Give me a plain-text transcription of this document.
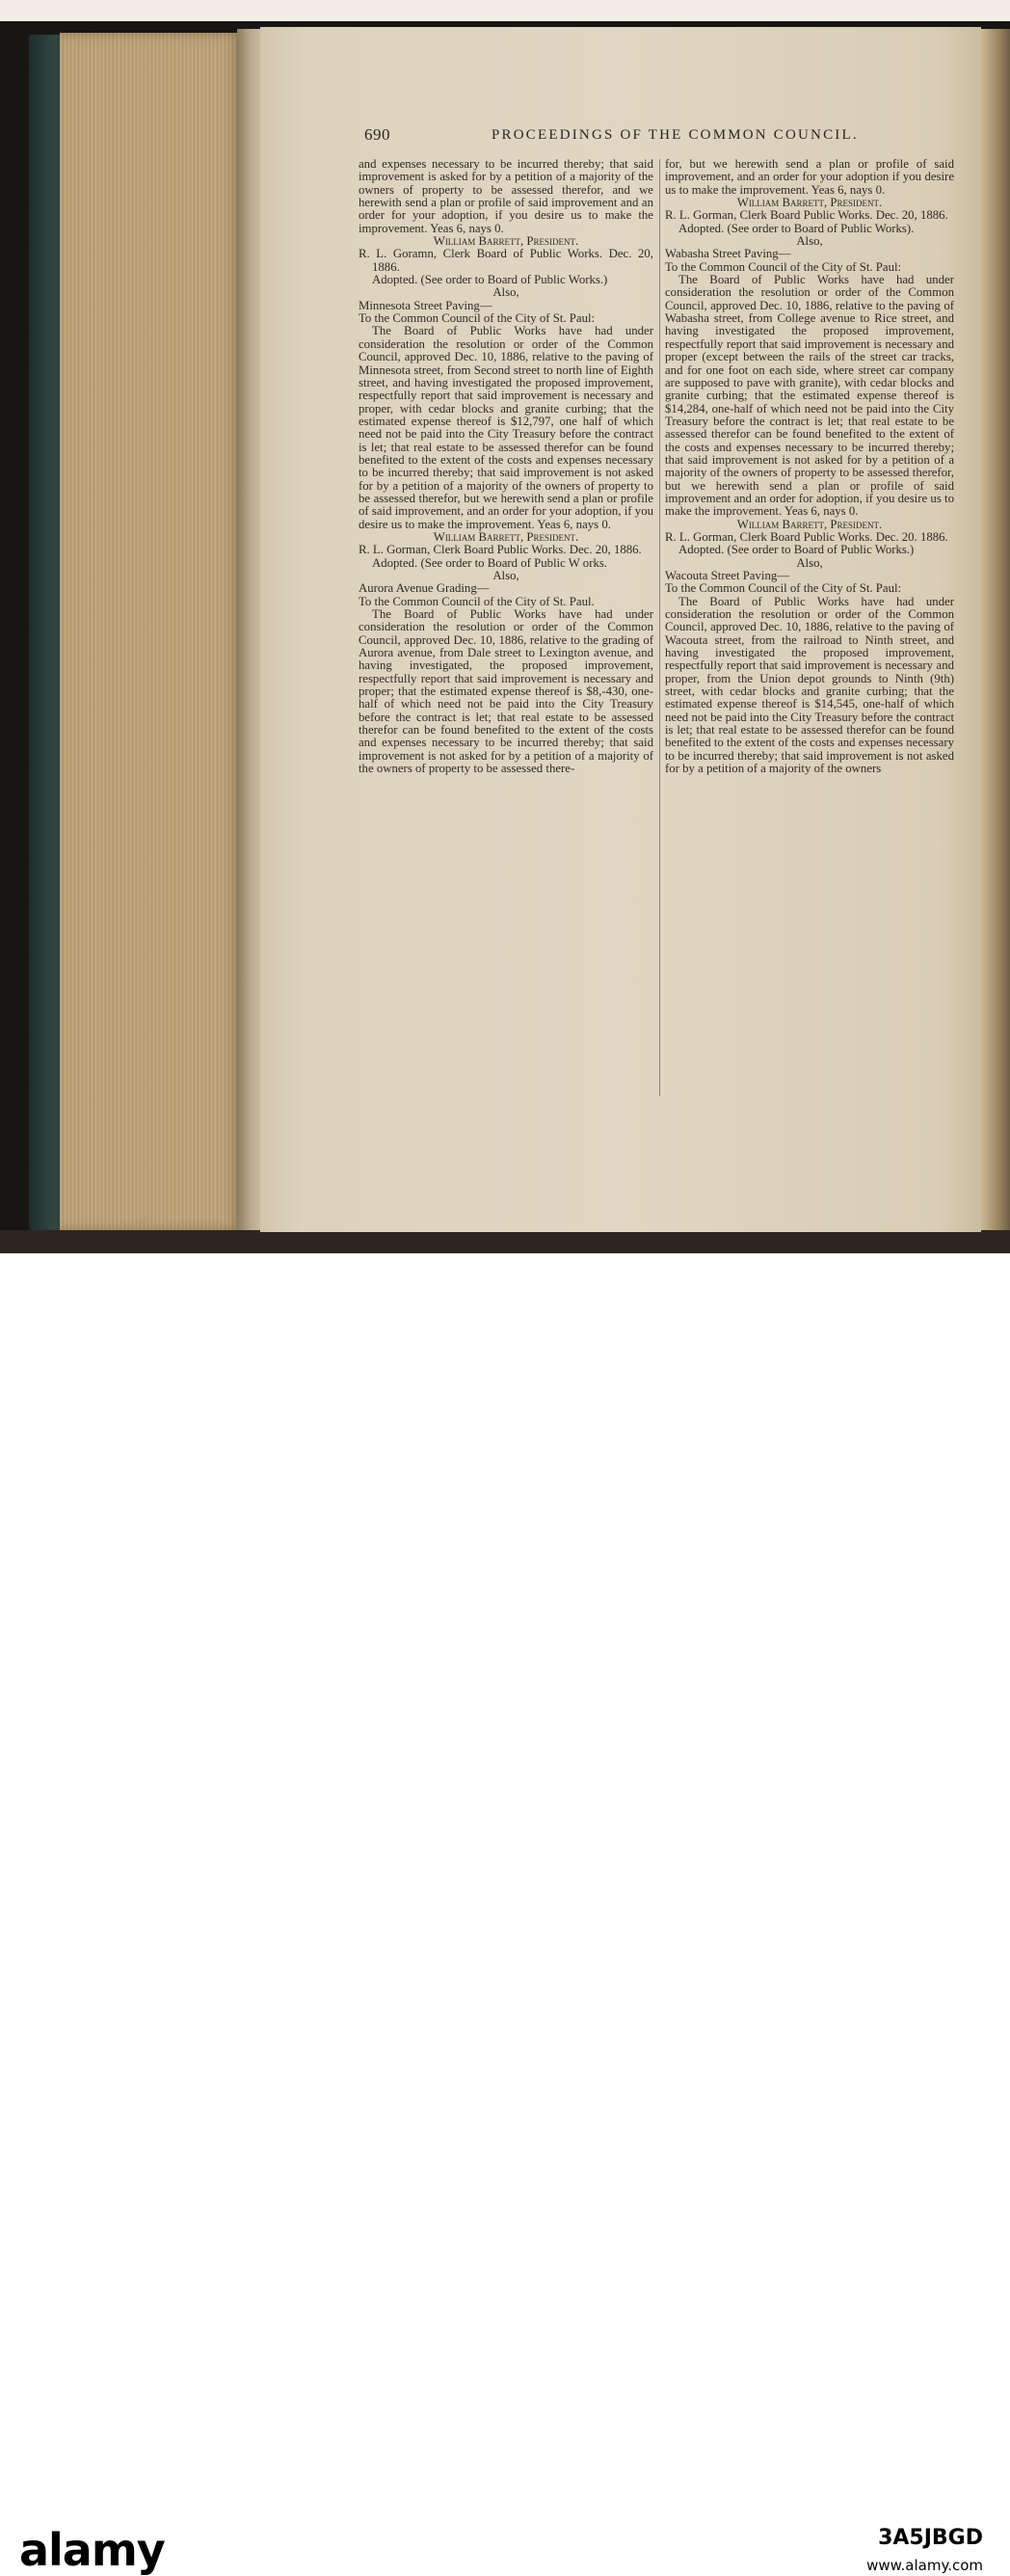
690	PROCEEDINGS OF THE COMMON COUNCIL.

and expenses necessary to be incurred thereby; that said improvement is asked for by a petition of a majority of the owners of property to be assessed therefor, and we herewith send a plan or profile of said improvement and an order for your adoption, if you desire us to make the improvement. Yeas 6, nays 0.

William Barrett, President.

R. L. Goramn, Clerk Board of Public Works. Dec. 20, 1886.

Adopted. (See order to Board of Public Works.)

Also,

Minnesota Street Paving—

To the Common Council of the City of St. Paul:

The Board of Public Works have had under consideration the resolution or order of the Common Council, approved Dec. 10, 1886, relative to the paving of Minnesota street, from Second street to north line of Eighth street, and having investigated the proposed improvement, respectfully report that said improvement is necessary and proper, with cedar blocks and granite curbing; that the estimated expense thereof is $12,797, one half of which need not be paid into the City Treasury before the contract is let; that real estate to be assessed therefor can be found benefited to the extent of the costs and expenses necessary to be incurred thereby; that said improvement is not asked for by a petition of a majority of the owners of property to be assessed therefor, but we herewith send a plan or profile of said improvement, and an order for your adoption, if you desire us to make the improvement. Yeas 6, nays 0.

William Barrett, President.

R. L. Gorman, Clerk Board Public Works. Dec. 20, 1886.

Adopted. (See order to Board of Public W orks.

Also,

Aurora Avenue Grading—

To the Common Council of the City of St. Paul.

The Board of Public Works have had under consideration the resolution or order of the Common Council, approved Dec. 10, 1886, relative to the grading of Aurora avenue, from Dale street to Lexington avenue, and having investigated, the proposed improvement, respectfully report that said improvement is necessary and proper; that the estimated expense thereof is $8,-430, one-half of which need not be paid into the City Treasury before the contract is let; that real estate to be assessed therefor can be found benefited to the extent of the costs and expenses necessary to be incurred thereby; that said improvement is not asked for by a petition of a majority of the owners of property to be assessed there-

for, but we herewith send a plan or profile of said improvement, and an order for your adoption if you desire us to make the improvement. Yeas 6, nays 0.

William Barrett, President.

R. L. Gorman, Clerk Board Public Works. Dec. 20, 1886.

Adopted. (See order to Board of Public Works).

Also,

Wabasha Street Paving—

To the Common Council of the City of St. Paul:

The Board of Public Works have had under consideration the resolution or order of the Common Council, approved Dec. 10, 1886, relative to the paving of Wabasha street, from College avenue to Rice street, and having investigated the proposed improvement, respectfully report that said improvement is necessary and proper (except between the rails of the street car tracks, and for one foot on each side, where street car company are supposed to pave with granite), with cedar blocks and granite curbing; that the estimated expense thereof is $14,284, one-half of which need not be paid into the City Treasury before the contract is let; that real estate to be assessed therefor can be found benefited to the extent of the costs and expenses necessary to be incurred thereby; that said improvement is not asked for by a petition of a majority of the owners of property to be assessed therefor, but we herewith send a plan or profile of said improvement and an order for adoption, if you desire us to make the improvement. Yeas 6, nays 0.

William Barrett, President.

R. L. Gorman, Clerk Board Public Works. Dec. 20. 1886.

Adopted. (See order to Board of Public Works.)

Also,

Wacouta Street Paving—

To the Common Council of the City of St. Paul:

The Board of Public Works have had under consideration the resolution or order of the Common Council, approved Dec. 10, 1886, relative to the paving of Wacouta street, from the railroad to Ninth street, and having investigated the proposed improvement, respectfully report that said improvement is necessary and proper, from the Union depot grounds to Ninth (9th) street, with cedar blocks and granite curbing; that the estimated expense thereof is $14,545, one-half of which need not be paid into the City Treasury before the contract is let; that real estate to be assessed therefor can be found benefited to the extent of the costs and expenses necessary to be incurred thereby; that said improvement is not asked for by a petition of a majority of the owners

alamy	3A5JBGD
www.alamy.com
